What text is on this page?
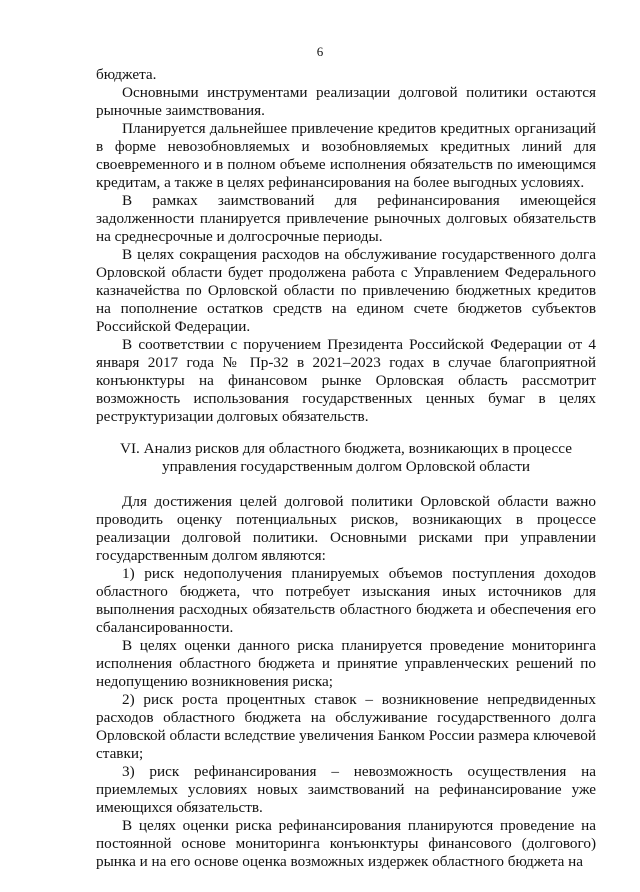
6

бюджета.

Основными инструментами реализации долговой политики остаются рыночные заимствования.

Планируется дальнейшее привлечение кредитов кредитных организаций в форме невозобновляемых и возобновляемых кредитных линий для своевременного и в полном объеме исполнения обязательств по имеющимся кредитам, а также в целях рефинансирования на более выгодных условиях.

В рамках заимствований для рефинансирования имеющейся задолженности планируется привлечение рыночных долговых обязательств на среднесрочные и долгосрочные периоды.

В целях сокращения расходов на обслуживание государственного долга Орловской области будет продолжена работа с Управлением Федерального казначейства по Орловской области по привлечению бюджетных кредитов на пополнение остатков средств на едином счете бюджетов субъектов Российской Федерации.

В соответствии с поручением Президента Российской Федерации от 4 января 2017 года № Пр-32 в 2021–2023 годах в случае благоприятной конъюнктуры на финансовом рынке Орловская область рассмотрит возможность использования государственных ценных бумаг в целях реструктуризации долговых обязательств.

VI. Анализ рисков для областного бюджета, возникающих в процессе управления государственным долгом Орловской области

Для достижения целей долговой политики Орловской области важно проводить оценку потенциальных рисков, возникающих в процессе реализации долговой политики. Основными рисками при управлении государственным долгом являются:

1) риск недополучения планируемых объемов поступления доходов областного бюджета, что потребует изыскания иных источников для выполнения расходных обязательств областного бюджета и обеспечения его сбалансированности.

В целях оценки данного риска планируется проведение мониторинга исполнения областного бюджета и принятие управленческих решений по недопущению возникновения риска;

2) риск роста процентных ставок – возникновение непредвиденных расходов областного бюджета на обслуживание государственного долга Орловской области вследствие увеличения Банком России размера ключевой ставки;

3) риск рефинансирования – невозможность осуществления на приемлемых условиях новых заимствований на рефинансирование уже имеющихся обязательств.

В целях оценки риска рефинансирования планируются проведение на постоянной основе мониторинга конъюнктуры финансового (долгового) рынка и на его основе оценка возможных издержек областного бюджета на
